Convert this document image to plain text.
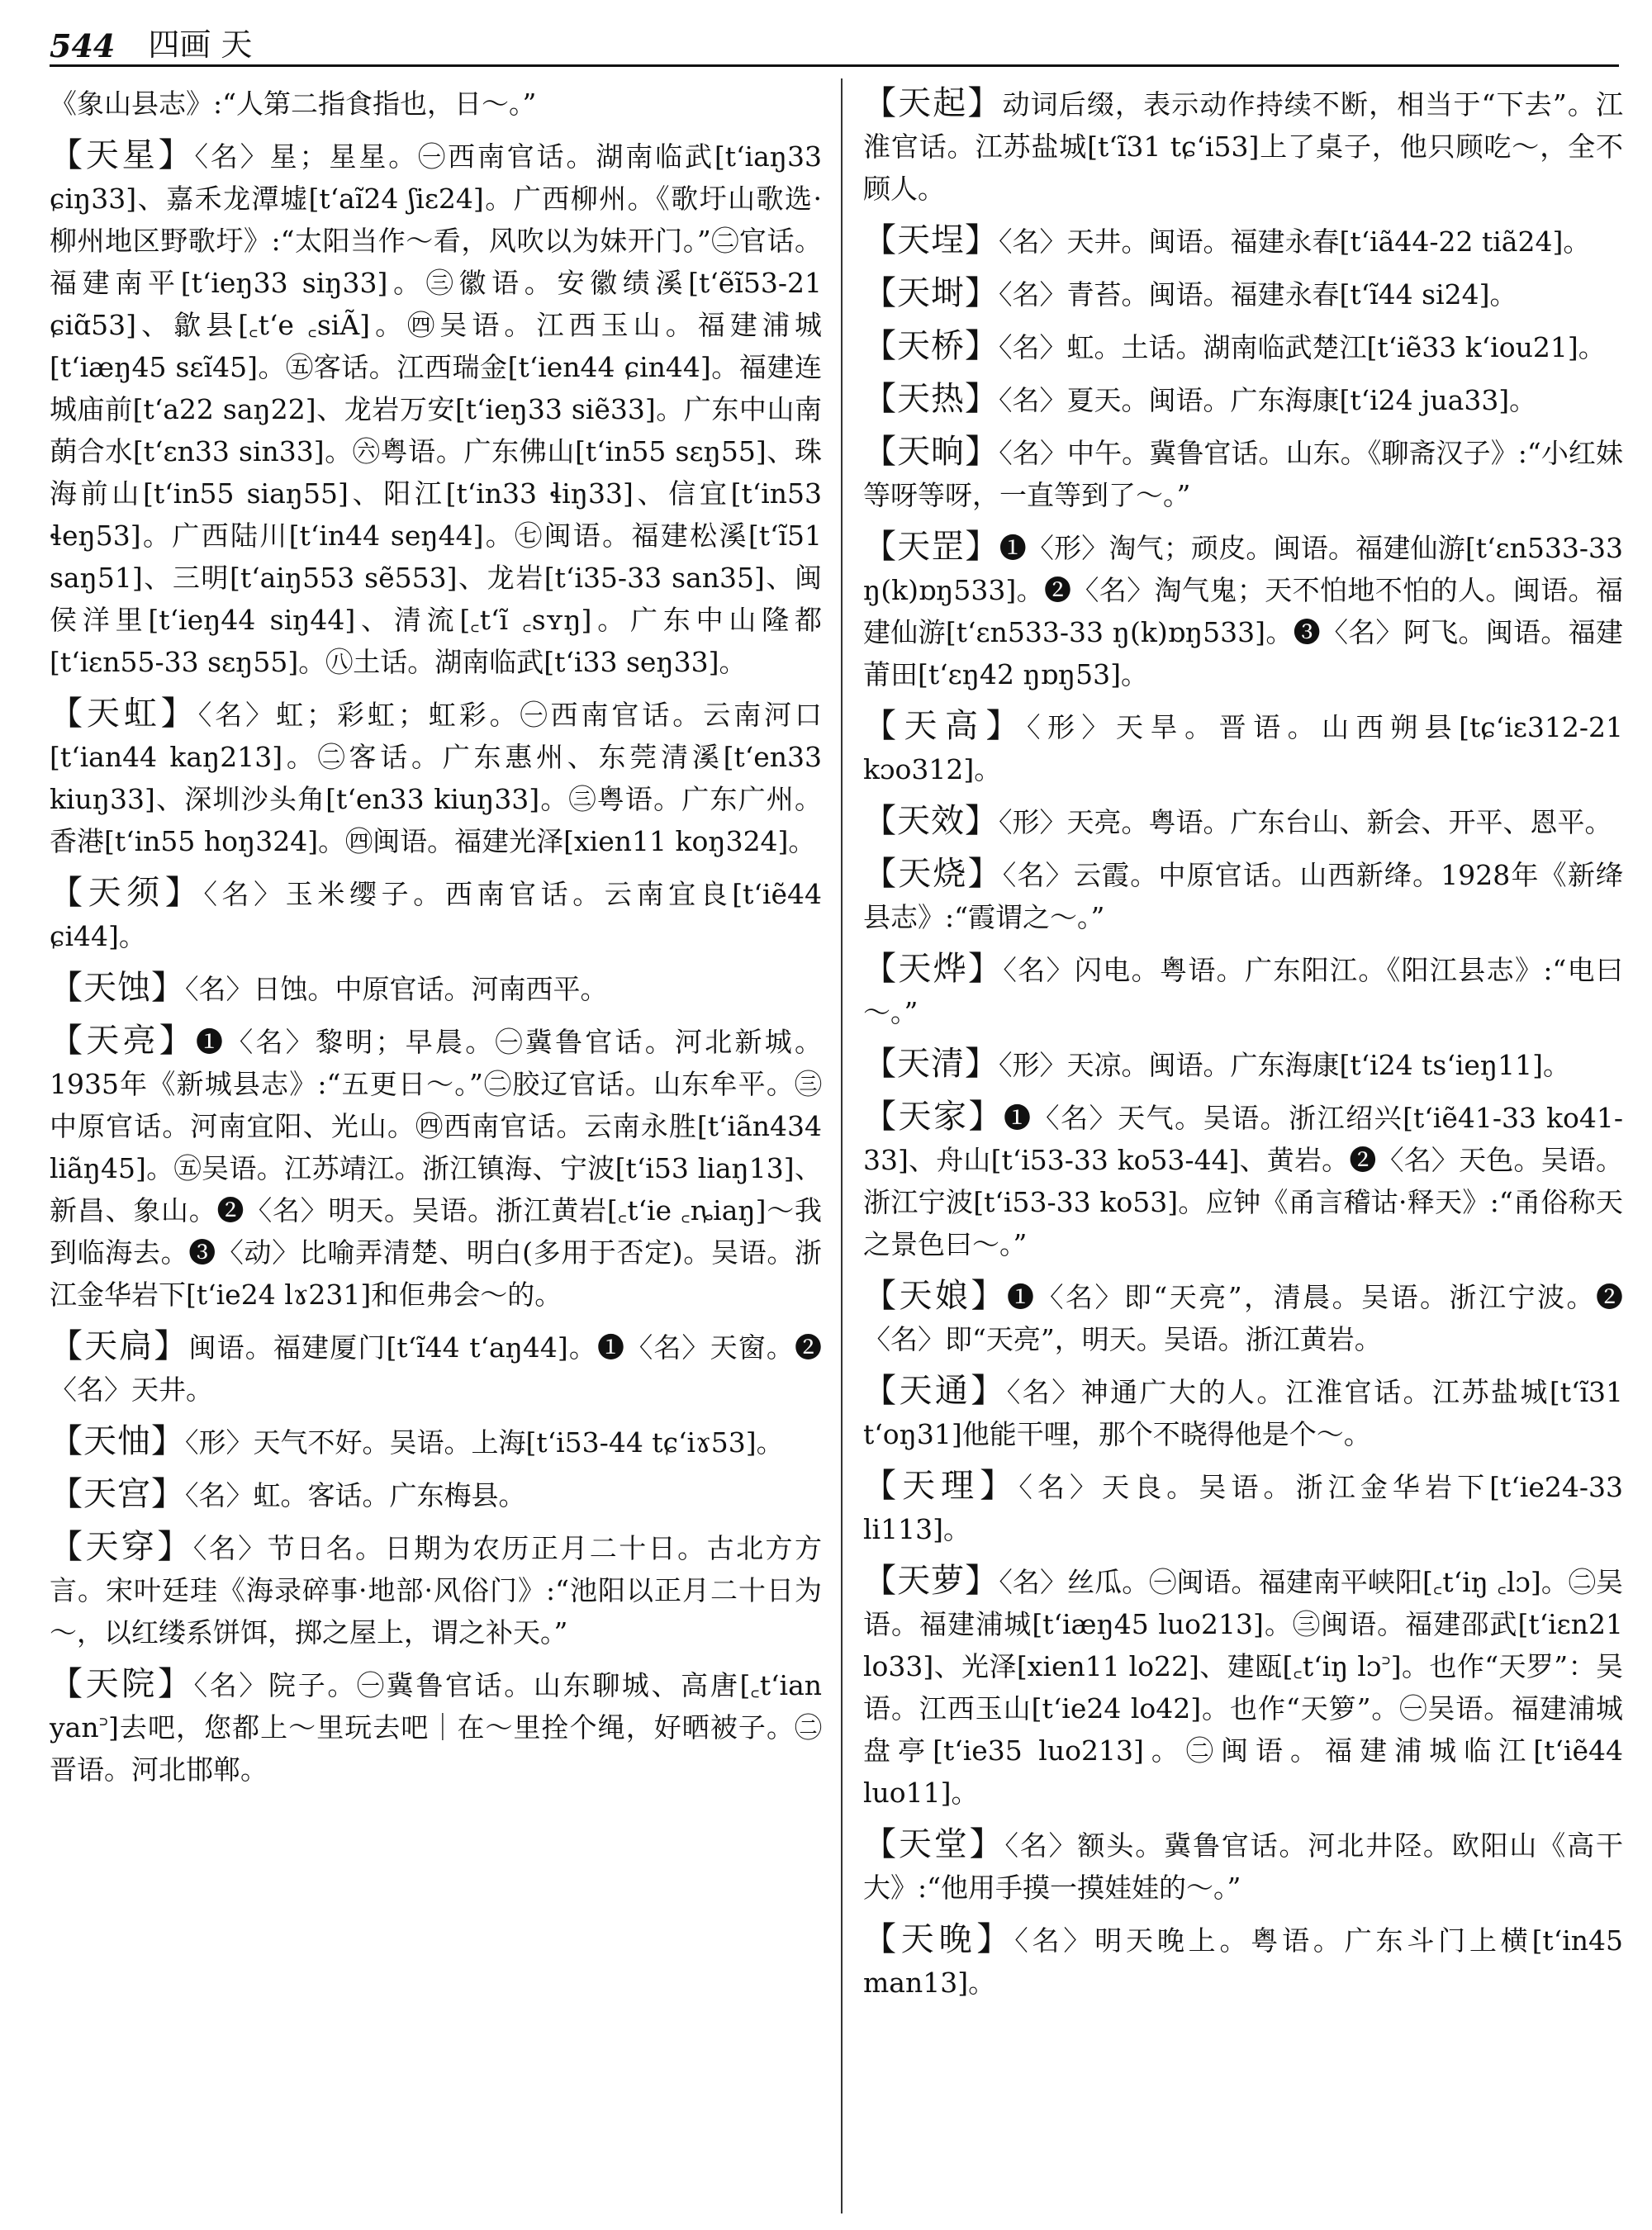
544 四画 天

《象山县志》:“人第二指食指也，日～。”

【天星】〈名〉星；星星。㊀西南官话。湖南临武[t‘iaŋ33 ɕiŋ33]、嘉禾龙潭墟[t‘aĩ24 ʃiɛ24]。广西柳州。《歌圩山歌选·柳州地区野歌圩》:“太阳当作～看，风吹以为妹开门。”㊁官话。福建南平[t‘ieŋ33 siŋ33]。㊂徽语。安徽绩溪[t‘ẽĩ53-21 ɕiɑ̃53]、歙县[꜀t‘e ꜀siÃ]。㊃吴语。江西玉山。福建浦城[t‘iæŋ45 sɛĩ45]。㊄客话。江西瑞金[t‘ien44 ɕin44]。福建连城庙前[t‘a22 saŋ22]、龙岩万安[t‘ieŋ33 siẽ33]。广东中山南蓢合水[t‘ɛn33 sin33]。㊅粤语。广东佛山[t‘in55 sɛŋ55]、珠海前山[t‘in55 siaŋ55]、阳江[t‘in33 ɬiŋ33]、信宜[t‘in53 ɬeŋ53]。广西陆川[t‘in44 seŋ44]。㊆闽语。福建松溪[t‘ĩ51 saŋ51]、三明[t‘aiŋ553 sẽ553]、龙岩[t‘i35-33 san35]、闽侯洋里[t‘ieŋ44 siŋ44]、清流[꜀t‘ĩ ꜀sʏŋ]。广东中山隆都[t‘iɛn55-33 sɛŋ55]。㊇土话。湖南临武[t‘i33 seŋ33]。

【天虹】〈名〉虹；彩虹；虹彩。㊀西南官话。云南河口[t‘ian44 kaŋ213]。㊁客话。广东惠州、东莞清溪[t‘en33 kiuŋ33]、深圳沙头角[t‘en33 kiuŋ33]。㊂粤语。广东广州。香港[t‘in55 hoŋ324]。㊃闽语。福建光泽[xien11 koŋ324]。

【天须】〈名〉玉米缨子。西南官话。云南宜良[t‘iẽ44 ɕi44]。

【天蚀】〈名〉日蚀。中原官话。河南西平。

【天亮】❶〈名〉黎明；早晨。㊀冀鲁官话。河北新城。1935年《新城县志》:“五更日～。”㊁胶辽官话。山东牟平。㊂中原官话。河南宜阳、光山。㊃西南官话。云南永胜[t‘iãn434 liãŋ45]。㊄吴语。江苏靖江。浙江镇海、宁波[t‘i53 liaŋ13]、新昌、象山。❷〈名〉明天。吴语。浙江黄岩[꜀t‘ie ꜀ȵiaŋ]～我到临海去。❸〈动〉比喻弄清楚、明白(多用于否定)。吴语。浙江金华岩下[t‘ie24 lɤ231]和佢弗会～的。

【天扃】闽语。福建厦门[t‘ĩ44 t‘aŋ44]。❶〈名〉天窗。❷〈名〉天井。

【天怞】〈形〉天气不好。吴语。上海[t‘i53-44 tɕ‘iɤ53]。

【天宫】〈名〉虹。客话。广东梅县。

【天穿】〈名〉节日名。日期为农历正月二十日。古北方方言。宋叶廷珪《海录碎事·地部·风俗门》:“池阳以正月二十日为～，以红缕系饼饵，掷之屋上，谓之补天。”

【天院】〈名〉院子。㊀冀鲁官话。山东聊城、高唐[꜀t‘ian yan꜄]去吧，您都上～里玩去吧｜在～里拴个绳，好晒被子。㊁晋语。河北邯郸。

【天起】动词后缀，表示动作持续不断，相当于“下去”。江淮官话。江苏盐城[t‘ĩ31 tɕ‘i53]上了桌子，他只顾吃～，全不顾人。

【天埕】〈名〉天井。闽语。福建永春[t‘iã44-22 tiã24]。

【天埘】〈名〉青苔。闽语。福建永春[t‘ĩ44 si24]。

【天桥】〈名〉虹。土话。湖南临武楚江[t‘iẽ33 k‘iou21]。

【天热】〈名〉夏天。闽语。广东海康[t‘i24 jua33]。

【天晌】〈名〉中午。冀鲁官话。山东。《聊斋汉子》:“小红妹等呀等呀，一直等到了～。”

【天罡】❶〈形〉淘气；顽皮。闽语。福建仙游[t‘ɛn533-33 ŋ(k)ɒŋ533]。❷〈名〉淘气鬼；天不怕地不怕的人。闽语。福建仙游[t‘ɛn533-33 ŋ(k)ɒŋ533]。❸〈名〉阿飞。闽语。福建莆田[t‘ɛŋ42 ŋɒŋ53]。

【天高】〈形〉天旱。晋语。山西朔县[tɕ‘iɛ312-21 kɔo312]。

【天效】〈形〉天亮。粤语。广东台山、新会、开平、恩平。

【天烧】〈名〉云霞。中原官话。山西新绛。1928年《新绛县志》:“霞谓之～。”

【天烨】〈名〉闪电。粤语。广东阳江。《阳江县志》:“电曰～。”

【天清】〈形〉天凉。闽语。广东海康[t‘i24 ts‘ieŋ11]。

【天家】❶〈名〉天气。吴语。浙江绍兴[t‘iẽ41-33 ko41-33]、舟山[t‘i53-33 ko53-44]、黄岩。❷〈名〉天色。吴语。浙江宁波[t‘i53-33 ko53]。应钟《甬言稽诂·释天》:“甬俗称天之景色曰～。”

【天娘】❶〈名〉即“天亮”，清晨。吴语。浙江宁波。❷〈名〉即“天亮”，明天。吴语。浙江黄岩。

【天通】〈名〉神通广大的人。江淮官话。江苏盐城[t‘ĩ31 t‘oŋ31]他能干哩，那个不晓得他是个～。

【天理】〈名〉天良。吴语。浙江金华岩下[t‘ie24-33 li113]。

【天萝】〈名〉丝瓜。㊀闽语。福建南平峡阳[꜀t‘iŋ ꜀lɔ]。㊁吴语。福建浦城[t‘iæŋ45 luo213]。㊂闽语。福建邵武[t‘iɛn21 lo33]、光泽[xien11 lo22]、建瓯[꜀t‘iŋ lɔ꜄]。也作“天罗”：吴语。江西玉山[t‘ie24 lo42]。也作“天箩”。㊀吴语。福建浦城盘亭[t‘ie35 luo213]。㊁闽语。福建浦城临江[t‘iẽ44 luo11]。

【天堂】〈名〉额头。冀鲁官话。河北井陉。欧阳山《高干大》:“他用手摸一摸娃娃的～。”

【天晚】〈名〉明天晚上。粤语。广东斗门上横[t‘in45 man13]。
